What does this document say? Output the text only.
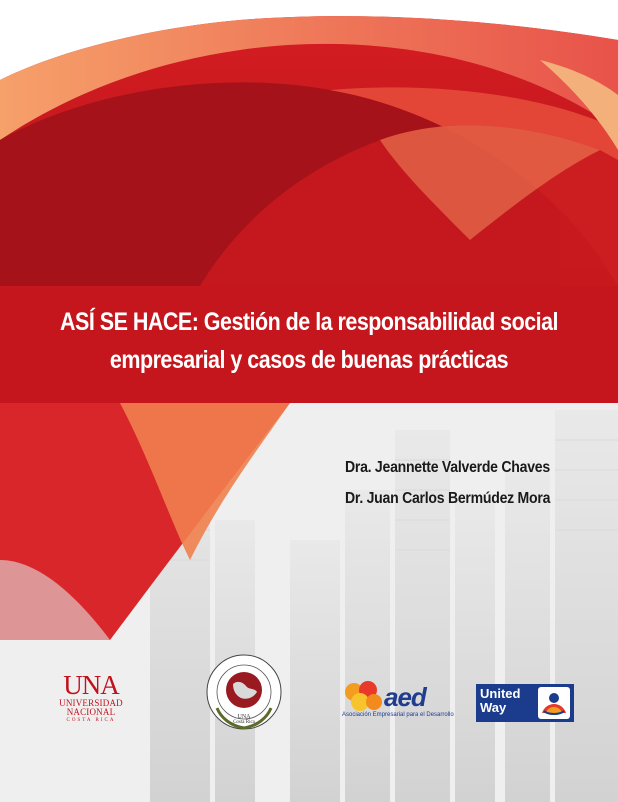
ASÍ SE HACE: Gestión de la responsabilidad social
empresarial y casos de buenas prácticas
Dra. Jeannette Valverde Chaves
Dr. Juan Carlos Bermúdez Mora
UNA
UNIVERSIDAD
NACIONAL
COSTA RICA
UNA
Costa Rica
aed
Asociación Empresarial para el Desarrollo
United
Way
